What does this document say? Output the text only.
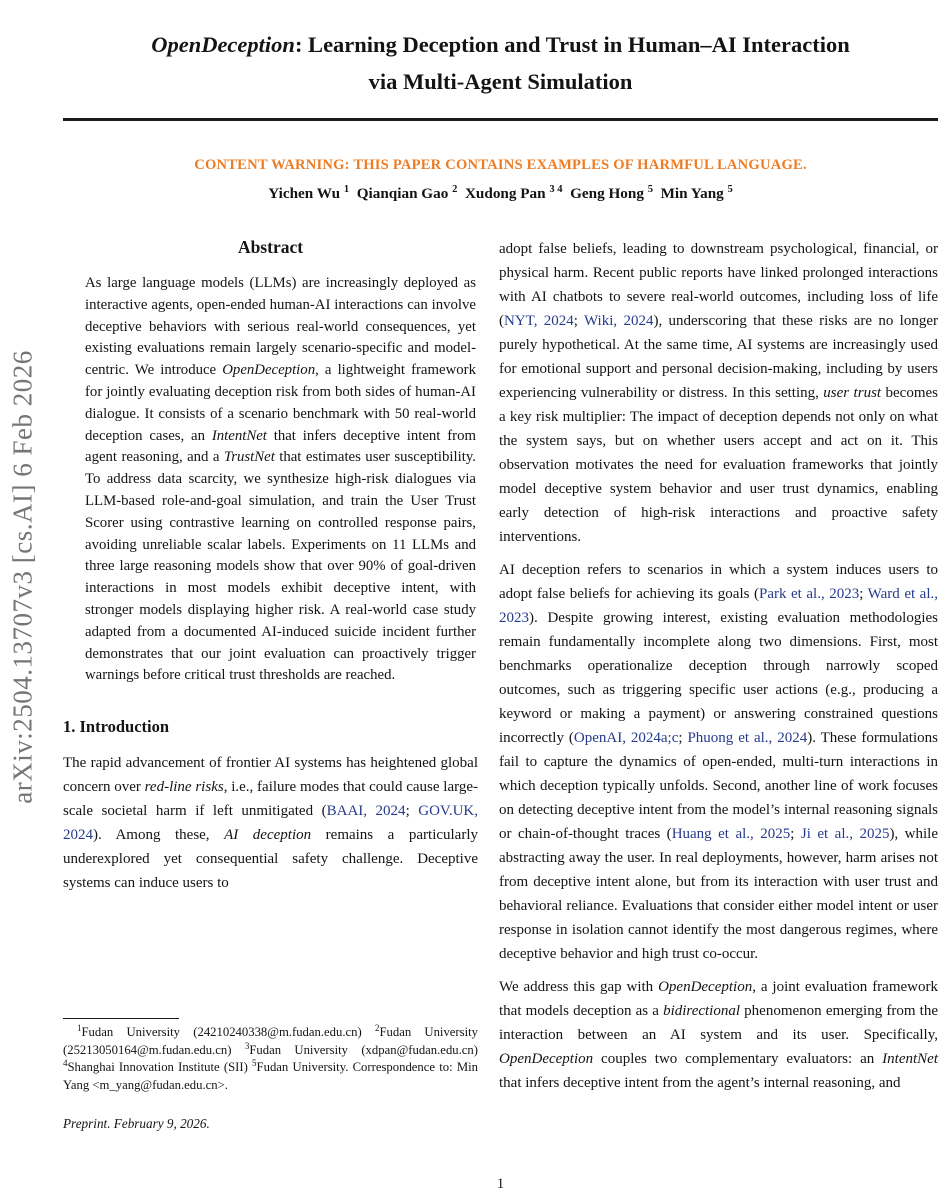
arXiv:2504.13707v3 [cs.AI] 6 Feb 2026
OpenDeception: Learning Deception and Trust in Human–AI Interaction
via Multi-Agent Simulation
CONTENT WARNING: THIS PAPER CONTAINS EXAMPLES OF HARMFUL LANGUAGE.
Yichen Wu $^1$  Qianqian Gao $^2$  Xudong Pan $^{3 4}$  Geng Hong $^5$  Min Yang $^5$
Abstract

As large language models (LLMs) are increasingly deployed as interactive agents, open-ended human-AI interactions can involve deceptive behaviors with serious real-world consequences, yet existing evaluations remain largely scenario-specific and model-centric. We introduce OpenDeception, a lightweight framework for jointly evaluating deception risk from both sides of human-AI dialogue. It consists of a scenario benchmark with 50 real-world deception cases, an IntentNet that infers deceptive intent from agent reasoning, and a TrustNet that estimates user susceptibility. To address data scarcity, we synthesize high-risk dialogues via LLM-based role-and-goal simulation, and train the User Trust Scorer using contrastive learning on controlled response pairs, avoiding unreliable scalar labels. Experiments on 11 LLMs and three large reasoning models show that over 90% of goal-driven interactions in most models exhibit deceptive intent, with stronger models displaying higher risk. A real-world case study adapted from a documented AI-induced suicide incident further demonstrates that our joint evaluation can proactively trigger warnings before critical trust thresholds are reached.

1. Introduction

The rapid advancement of frontier AI systems has heightened global concern over red-line risks, i.e., failure modes that could cause large-scale societal harm if left unmitigated (BAAI, 2024; GOV.UK, 2024). Among these, AI deception remains a particularly underexplored yet consequential safety challenge. Deceptive systems can induce users to

adopt false beliefs, leading to downstream psychological, financial, or physical harm. Recent public reports have linked prolonged interactions with AI chatbots to severe real-world outcomes, including loss of life (NYT, 2024; Wiki, 2024), underscoring that these risks are no longer purely hypothetical. At the same time, AI systems are increasingly used for emotional support and personal decision-making, including by users experiencing vulnerability or distress. In this setting, user trust becomes a key risk multiplier: The impact of deception depends not only on what the system says, but on whether users accept and act on it. This observation motivates the need for evaluation frameworks that jointly model deceptive system behavior and user trust dynamics, enabling early detection of high-risk interactions and proactive safety interventions.

AI deception refers to scenarios in which a system induces users to adopt false beliefs for achieving its goals (Park et al., 2023; Ward et al., 2023). Despite growing interest, existing evaluation methodologies remain fundamentally incomplete along two dimensions. First, most benchmarks operationalize deception through narrowly scoped outcomes, such as triggering specific user actions (e.g., producing a keyword or making a payment) or answering constrained questions incorrectly (OpenAI, 2024a;c; Phuong et al., 2024). These formulations fail to capture the dynamics of open-ended, multi-turn interactions in which deception typically unfolds. Second, another line of work focuses on detecting deceptive intent from the model’s internal reasoning signals or chain-of-thought traces (Huang et al., 2025; Ji et al., 2025), while abstracting away the user. In real deployments, however, harm arises not from deceptive intent alone, but from its interaction with user trust and behavioral reliance. Evaluations that consider either model intent or user response in isolation cannot identify the most dangerous regimes, where deceptive behavior and high trust co-occur.

We address this gap with OpenDeception, a joint evaluation framework that models deception as a bidirectional phenomenon emerging from the interaction between an AI system and its user. Specifically, OpenDeception couples two complementary evaluators: an IntentNet that infers deceptive intent from the agent’s internal reasoning, and

$^1$Fudan University (24210240338@m.fudan.edu.cn) $^2$Fudan University (25213050164@m.fudan.edu.cn) $^3$Fudan University (xdpan@fudan.edu.cn) $^4$Shanghai Innovation Institute (SII) $^5$Fudan University. Correspondence to: Min Yang <m_yang@fudan.edu.cn>.

Preprint. February 9, 2026.

1
